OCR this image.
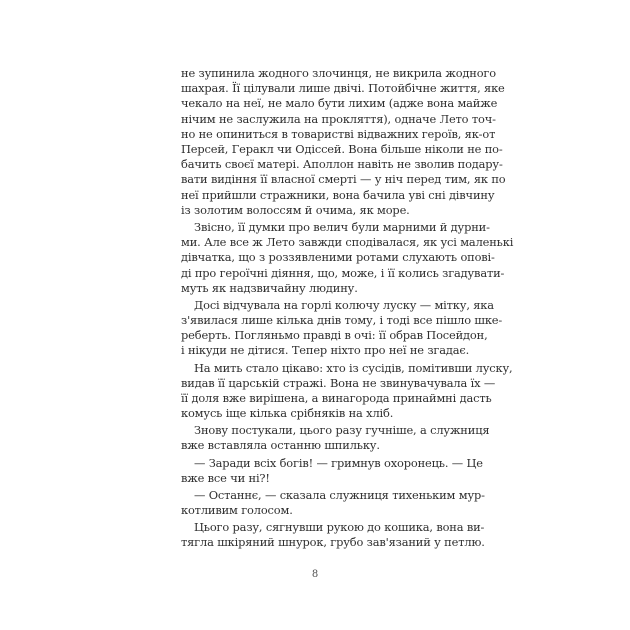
не зупинила жодного злочинця, не викрила жодного
шахрая. Її цілували лише двічі. Потойбічне життя, яке
чекало на неї, не мало бути лихим (адже вона майже
нічим не заслужила на прокляття), одначе Лето точ-
но не опиниться в товаристві відважних героїв, як-от
Персей, Геракл чи Одіссей. Вона більше ніколи не по-
бачить своєї матері. Аполлон навіть не зволив подару-
вати видіння її власної смерті — у ніч перед тим, як по
неї прийшли стражники, вона бачила уві сні дівчину
із золотим волоссям й очима, як море.

Звісно, її думки про велич були марними й дурни-
ми. Але все ж Лето завжди сподівалася, як усі маленькі
дівчатка, що з роззявленими ротами слухають опові-
ді про героїчні діяння, що, може, і її колись згадувати-
муть як надзвичайну людину.

Досі відчувала на горлі колючу луску — мітку, яка
з'явилася лише кілька днів тому, і тоді все пішло шке-
реберть. Погляньмо правді в очі: її обрав Посейдон,
і нікуди не дітися. Тепер ніхто про неї не згадає.

На мить стало цікаво: хто із сусідів, помітивши луску,
видав її царській стражі. Вона не звинувачувала їх —
її доля вже вирішена, а винагорода принаймні дасть
комусь іще кілька срібняків на хліб.

Знову постукали, цього разу гучніше, а служниця
вже вставляла останню шпильку.

— Заради всіх богів! — гримнув охоронець. — Це
вже все чи ні?!

— Останнє, — сказала служниця тихеньким мур-
котливим голосом.

Цього разу, сягнувши рукою до кошика, вона ви-
тягла шкіряний шнурок, грубо зав'язаний у петлю.

8
